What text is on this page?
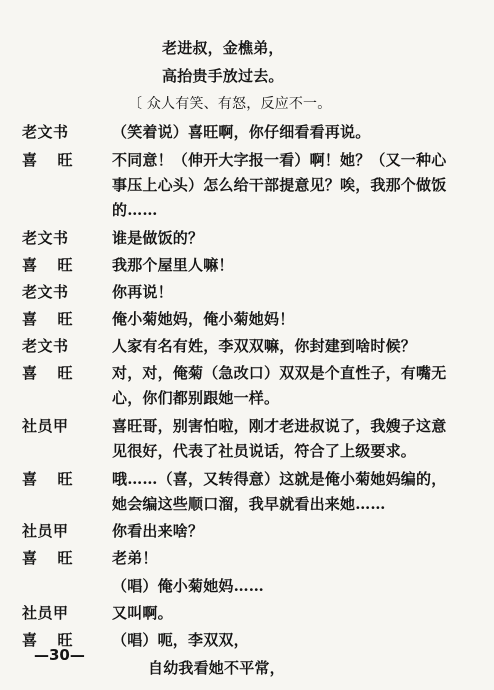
老进叔，金樵弟，
高抬贵手放过去。
〔 众人有笑、有怒，反应不一。
老文书	（笑着说）喜旺啊，你仔细看看再说。
喜 旺	不同意！（伸开大字报一看）啊！她？（又一种心
事压上心头）怎么给干部提意见？唉，我那个做饭
的……
老文书	谁是做饭的？
喜 旺	我那个屋里人嘛！
老文书	你再说！
喜 旺	俺小菊她妈，俺小菊她妈！
老文书	人家有名有姓，李双双嘛，你封建到啥时候？
喜 旺	对，对，俺菊（急改口）双双是个直性子，有嘴无
心，你们都别跟她一样。
社员甲	喜旺哥，别害怕啦，刚才老进叔说了，我嫂子这意
见很好，代表了社员说话，符合了上级要求。
喜 旺	哦……（喜，又转得意）这就是俺小菊她妈编的，
她会编这些顺口溜，我早就看出来她……
社员甲	你看出来啥？
喜 旺	老弟！
（唱）俺小菊她妈……
社员甲	又叫啊。
喜 旺	（唱）呃，李双双，
自幼我看她不平常，
—30—
